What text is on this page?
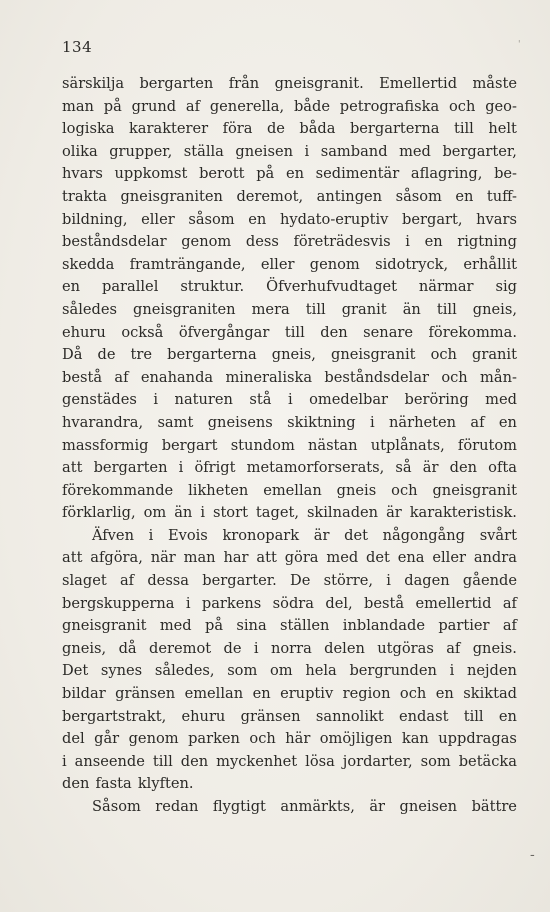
134
särskilja bergarten från gneisgranit. Emellertid måste
man på grund af generella, både petrografiska och geo-
logiska karakterer föra de båda bergarterna till helt
olika grupper, ställa gneisen i samband med bergarter,
hvars uppkomst berott på en sedimentär aflagring, be-
trakta gneisgraniten deremot, antingen såsom en tuff-
bildning, eller såsom en hydato-eruptiv bergart, hvars
beståndsdelar genom dess företrädesvis i en rigtning
skedda framträngande, eller genom sidotryck, erhållit
en parallel struktur. Öfverhufvudtaget närmar sig
således gneisgraniten mera till granit än till gneis,
ehuru också öfvergångar till den senare förekomma.
Då de tre bergarterna gneis, gneisgranit och granit
bestå af enahanda mineraliska beståndsdelar och mån-
genstädes i naturen stå i omedelbar beröring med
hvarandra, samt gneisens skiktning i närheten af en
massformig bergart stundom nästan utplånats, förutom
att bergarten i öfrigt metamorforserats, så är den ofta
förekommande likheten emellan gneis och gneisgranit
förklarlig, om än i stort taget, skilnaden är karakteristisk.
Äfven i Evois kronopark är det någongång svårt
att afgöra, när man har att göra med det ena eller andra
slaget af dessa bergarter. De större, i dagen gående
bergskupperna i parkens södra del, bestå emellertid af
gneisgranit med på sina ställen inblandade partier af
gneis, då deremot de i norra delen utgöras af gneis.
Det synes således, som om hela bergrunden i nejden
bildar gränsen emellan en eruptiv region och en skiktad
bergartstrakt, ehuru gränsen sannolikt endast till en
del går genom parken och här omöjligen kan uppdragas
i anseende till den myckenhet lösa jordarter, som betäcka
den fasta klyften.
Såsom redan flygtigt anmärkts, är gneisen bättre
'
-
